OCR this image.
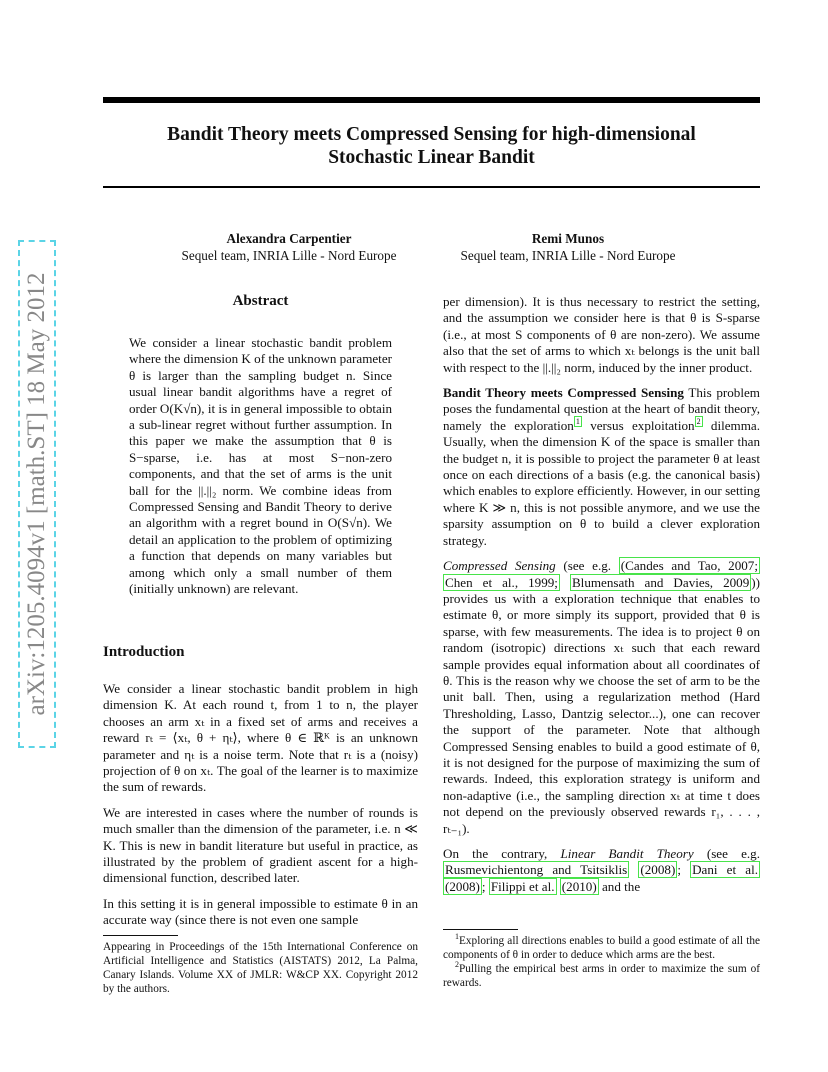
Bandit Theory meets Compressed Sensing for high-dimensional
Stochastic Linear Bandit
arXiv:1205.4094v1 [math.ST] 18 May 2012
Alexandra Carpentier
Sequel team, INRIA Lille - Nord Europe
Remi Munos
Sequel team, INRIA Lille - Nord Europe
Abstract

We consider a linear stochastic bandit problem where the dimension K of the unknown parameter θ is larger than the sampling budget n. Since usual linear bandit algorithms have a regret of order O(K√n), it is in general impossible to obtain a sub-linear regret without further assumption. In this paper we make the assumption that θ is S−sparse, i.e. has at most S−non-zero components, and that the set of arms is the unit ball for the ||.||₂ norm. We combine ideas from Compressed Sensing and Bandit Theory to derive an algorithm with a regret bound in O(S√n). We detail an application to the problem of optimizing a function that depends on many variables but among which only a small number of them (initially unknown) are relevant.

Introduction

We consider a linear stochastic bandit problem in high dimension K. At each round t, from 1 to n, the player chooses an arm xₜ in a fixed set of arms and receives a reward rₜ = ⟨xₜ, θ + ηₜ⟩, where θ ∈ ℝᴷ is an unknown parameter and ηₜ is a noise term. Note that rₜ is a (noisy) projection of θ on xₜ. The goal of the learner is to maximize the sum of rewards.

We are interested in cases where the number of rounds is much smaller than the dimension of the parameter, i.e. n ≪ K. This is new in bandit literature but useful in practice, as illustrated by the problem of gradient ascent for a high-dimensional function, described later.

In this setting it is in general impossible to estimate θ in an accurate way (since there is not even one sample

Appearing in Proceedings of the 15th International Conference on Artificial Intelligence and Statistics (AISTATS) 2012, La Palma, Canary Islands. Volume XX of JMLR: W&CP XX. Copyright 2012 by the authors.

per dimension). It is thus necessary to restrict the setting, and the assumption we consider here is that θ is S-sparse (i.e., at most S components of θ are non-zero). We assume also that the set of arms to which xₜ belongs is the unit ball with respect to the ||.||₂ norm, induced by the inner product.

Bandit Theory meets Compressed Sensing This problem poses the fundamental question at the heart of bandit theory, namely the exploration $^1$ versus exploitation $^2$ dilemma. Usually, when the dimension K of the space is smaller than the budget n, it is possible to project the parameter θ at least once on each directions of a basis (e.g. the canonical basis) which enables to explore efficiently. However, in our setting where K ≫ n, this is not possible anymore, and we use the sparsity assumption on θ to build a clever exploration strategy.

Compressed Sensing (see e.g. (Candes and Tao, 2007; Chen et al., 1999; Blumensath and Davies, 2009 )) provides us with a exploration technique that enables to estimate θ, or more simply its support, provided that θ is sparse, with few measurements. The idea is to project θ on random (isotropic) directions xₜ such that each reward sample provides equal information about all coordinates of θ. This is the reason why we choose the set of arm to be the unit ball. Then, using a regularization method (Hard Thresholding, Lasso, Dantzig selector...), one can recover the support of the parameter. Note that although Compressed Sensing enables to build a good estimate of θ, it is not designed for the purpose of maximizing the sum of rewards. Indeed, this exploration strategy is uniform and non-adaptive (i.e., the sampling direction xₜ at time t does not depend on the previously observed rewards r₁, . . . , rₜ₋₁).

On the contrary, Linear Bandit Theory (see e.g. Rusmevichientong and Tsitsiklis (2008) ; Dani et al. (2008) ; Filippi et al. (2010) and the

$^1$Exploring all directions enables to build a good estimate of all the components of θ in order to deduce which arms are the best.

$^2$Pulling the empirical best arms in order to maximize the sum of rewards.
